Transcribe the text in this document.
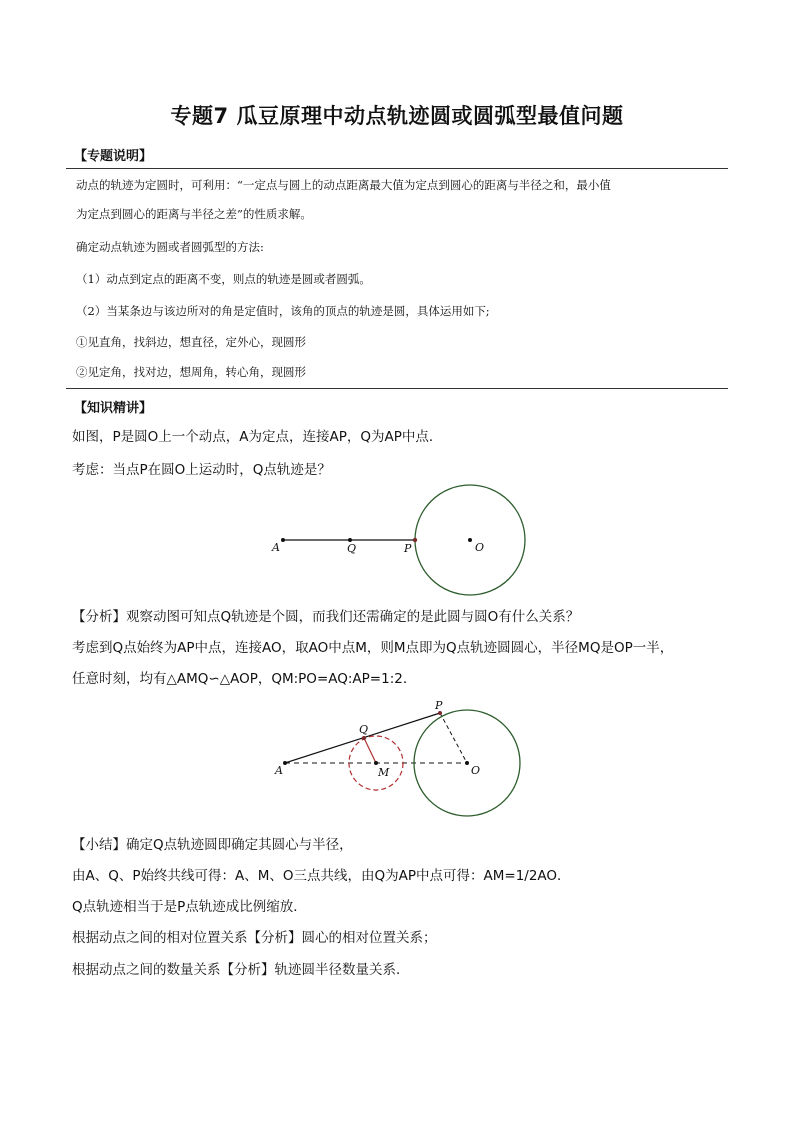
专题7 瓜豆原理中动点轨迹圆或圆弧型最值问题
【专题说明】
动点的轨迹为定圆时，可利用：“一定点与圆上的动点距离最大值为定点到圆心的距离与半径之和，最小值
为定点到圆心的距离与半径之差”的性质求解。
确定动点轨迹为圆或者圆弧型的方法:
（1）动点到定点的距离不变，则点的轨迹是圆或者圆弧。
（2）当某条边与该边所对的角是定值时，该角的顶点的轨迹是圆，具体运用如下;
①见直角，找斜边，想直径，定外心，现圆形
②见定角，找对边，想周角，转心角，现圆形
【知识精讲】
如图，P是圆O上一个动点，A为定点，连接AP，Q为AP中点．
考虑：当点P在圆O上运动时，Q点轨迹是？
A	Q	P	O
【分析】观察动图可知点Q轨迹是个圆，而我们还需确定的是此圆与圆O有什么关系？
考虑到Q点始终为AP中点，连接AO，取AO中点M，则M点即为Q点轨迹圆圆心，半径MQ是OP一半，
任意时刻，均有△AMQ∽△AOP，QM:PO=AQ:AP=1:2．
A
Q
P
M	O
【小结】确定Q点轨迹圆即确定其圆心与半径，
由A、Q、P始终共线可得：A、M、O三点共线，由Q为AP中点可得：AM=1/2AO．
Q点轨迹相当于是P点轨迹成比例缩放．
根据动点之间的相对位置关系【分析】圆心的相对位置关系；
根据动点之间的数量关系【分析】轨迹圆半径数量关系．
